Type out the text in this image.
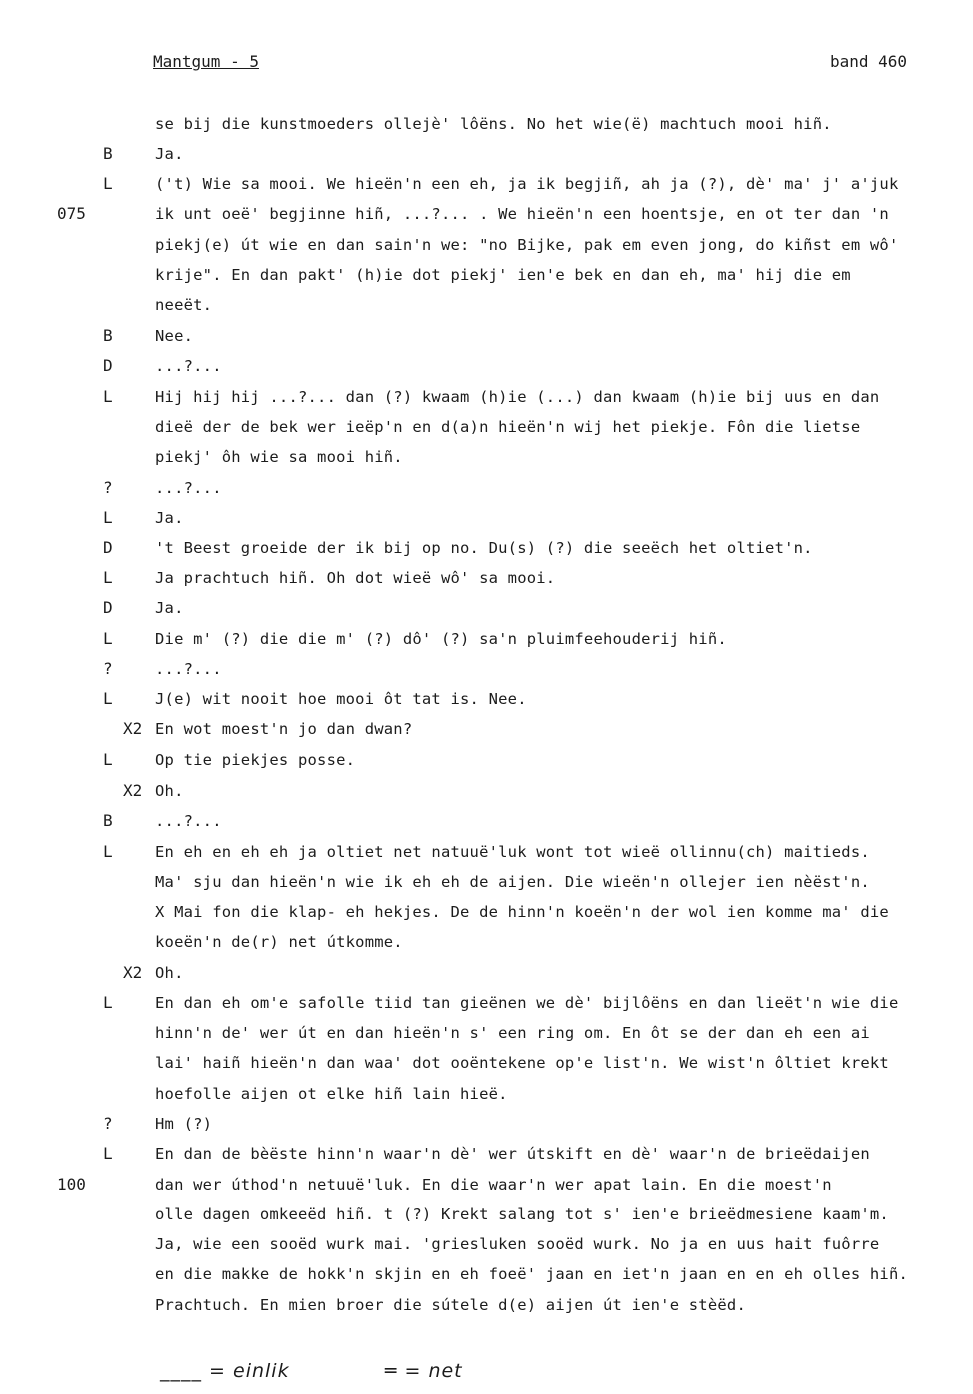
Mantgum - 5	band 460
075
100
se bij die kunstmoeders ollejè' lôëns. No het wie(ë) machtuch mooi hiñ.
B	Ja.
L	('t) Wie sa mooi. We hieën'n een eh, ja ik begjiñ, ah ja (?), dè' ma' j' a'juk
ik unt oeë' begjinne hiñ, ...?... . We hieën'n een hoentsje, en ot ter dan 'n
piekj(e) út wie en dan sain'n we: "no Bijke, pak em even jong, do kiñst em wô'
krije". En dan pakt' (h)ie dot piekj' ien'e bek en dan eh, ma' hij die em
neeët.
B	Nee.
D	...?...
L	Hij hij hij ...?... dan (?) kwaam (h)ie (...) dan kwaam (h)ie bij uus en dan
dieë der de bek wer ieëp'n en d(a)n hieën'n wij het piekje. Fôn die lietse
piekj' ôh wie sa mooi hiñ.
?	...?...
L	Ja.
D	't Beest groeide der ik bij op no. Du(s) (?) die seeëch het oltiet'n.
L	Ja prachtuch hiñ. Oh dot wieë wô' sa mooi.
D	Ja.
L	Die m' (?) die die m' (?) dô' (?) sa'n pluimfeehouderij hiñ.
?	...?...
L	J(e) wit nooit hoe mooi ôt tat is. Nee.
X2 En wot moest'n jo dan dwan?
L	Op tie piekjes posse.
X2 Oh.
B	...?...
L	En eh en eh eh ja oltiet net natuuë'luk wont tot wieë ollinnu(ch) maitieds.
Ma' sju dan hieën'n wie ik eh eh de aijen. Die wieën'n ollejer ien nèëst'n.
X Mai fon die klap- eh hekjes. De de hinn'n koeën'n der wol ien komme ma' die
koeën'n de(r) net útkomme.
X2 Oh.
L	En dan eh om'e safolle tiid tan gieënen we dè' bijlôëns en dan lieët'n wie die
hinn'n de' wer út en dan hieën'n s' een ring om. En ôt se der dan eh een ai
lai' haiñ hieën'n dan waa' dot ooëntekene op'e list'n. We wist'n ôltiet krekt
hoefolle aijen ot elke hiñ lain hieë.
?	Hm (?)
L	En dan de bèëste hinn'n waar'n dè' wer útskift en dè' waar'n de brieëdaijen
dan wer úthod'n netuuë'luk. En die waar'n wer apat lain. En die moest'n
olle dagen omkeeëd hiñ. t (?) Krekt salang tot s' ien'e brieëdmesiene kaam'm.
Ja, wie een sooëd wurk mai. 'griesluken sooëd wurk. No ja en uus hait fuôrre
en die makke de hokk'n skjin en eh foeë' jaan en iet'n jaan en en eh olles hiñ.
Prachtuch. En mien broer die sútele d(e) aijen út ien'e stèëd.
____ = einlik	═ = net
